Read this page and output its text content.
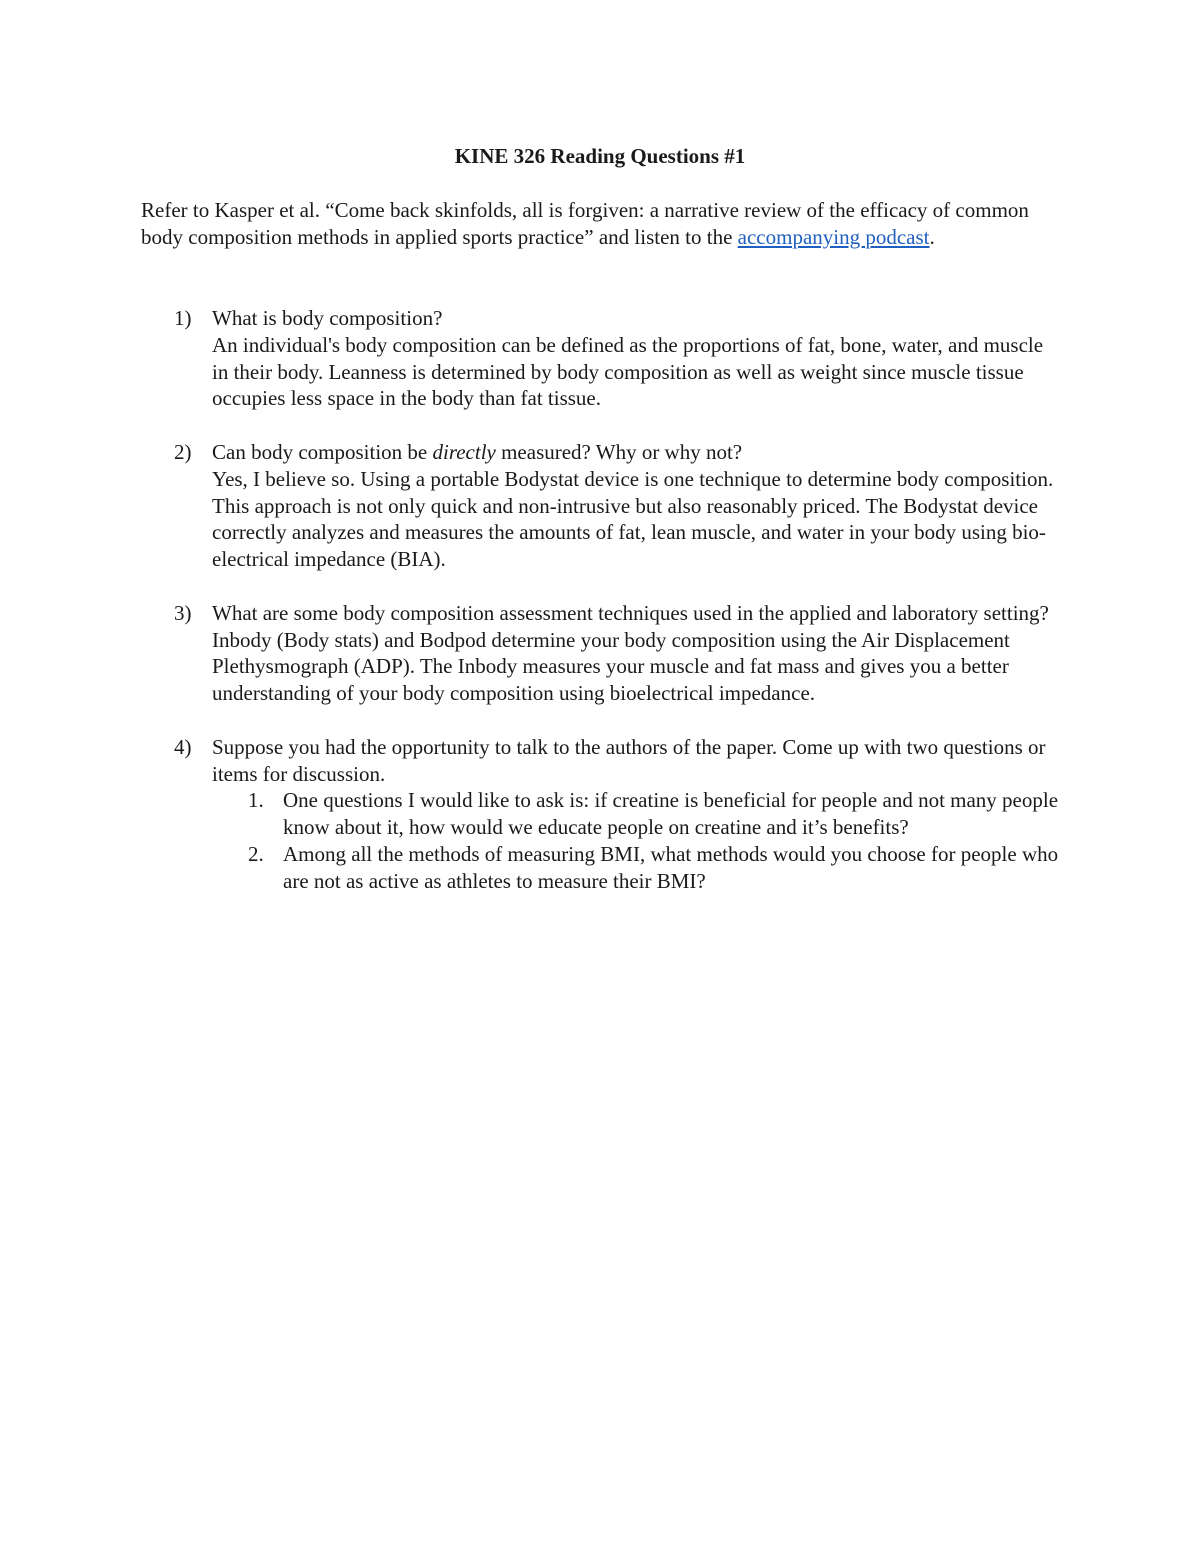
KINE 326 Reading Questions #1

Refer to Kasper et al. “Come back skinfolds, all is forgiven: a narrative review of the efficacy of common body composition methods in applied sports practice” and listen to the accompanying podcast.

1) What is body composition?
An individual's body composition can be defined as the proportions of fat, bone, water, and muscle in their body. Leanness is determined by body composition as well as weight since muscle tissue occupies less space in the body than fat tissue.
2) Can body composition be directly measured? Why or why not?
Yes, I believe so. Using a portable Bodystat device is one technique to determine body composition. This approach is not only quick and non-intrusive but also reasonably priced. The Bodystat device correctly analyzes and measures the amounts of fat, lean muscle, and water in your body using bio-electrical impedance (BIA).
3) What are some body composition assessment techniques used in the applied and laboratory setting?
Inbody (Body stats) and Bodpod determine your body composition using the Air Displacement Plethysmograph (ADP). The Inbody measures your muscle and fat mass and gives you a better understanding of your body composition using bioelectrical impedance.
4) Suppose you had the opportunity to talk to the authors of the paper. Come up with two questions or items for discussion.
1. One questions I would like to ask is: if creatine is beneficial for people and not many people know about it, how would we educate people on creatine and it’s benefits?
2. Among all the methods of measuring BMI, what methods would you choose for people who are not as active as athletes to measure their BMI?
